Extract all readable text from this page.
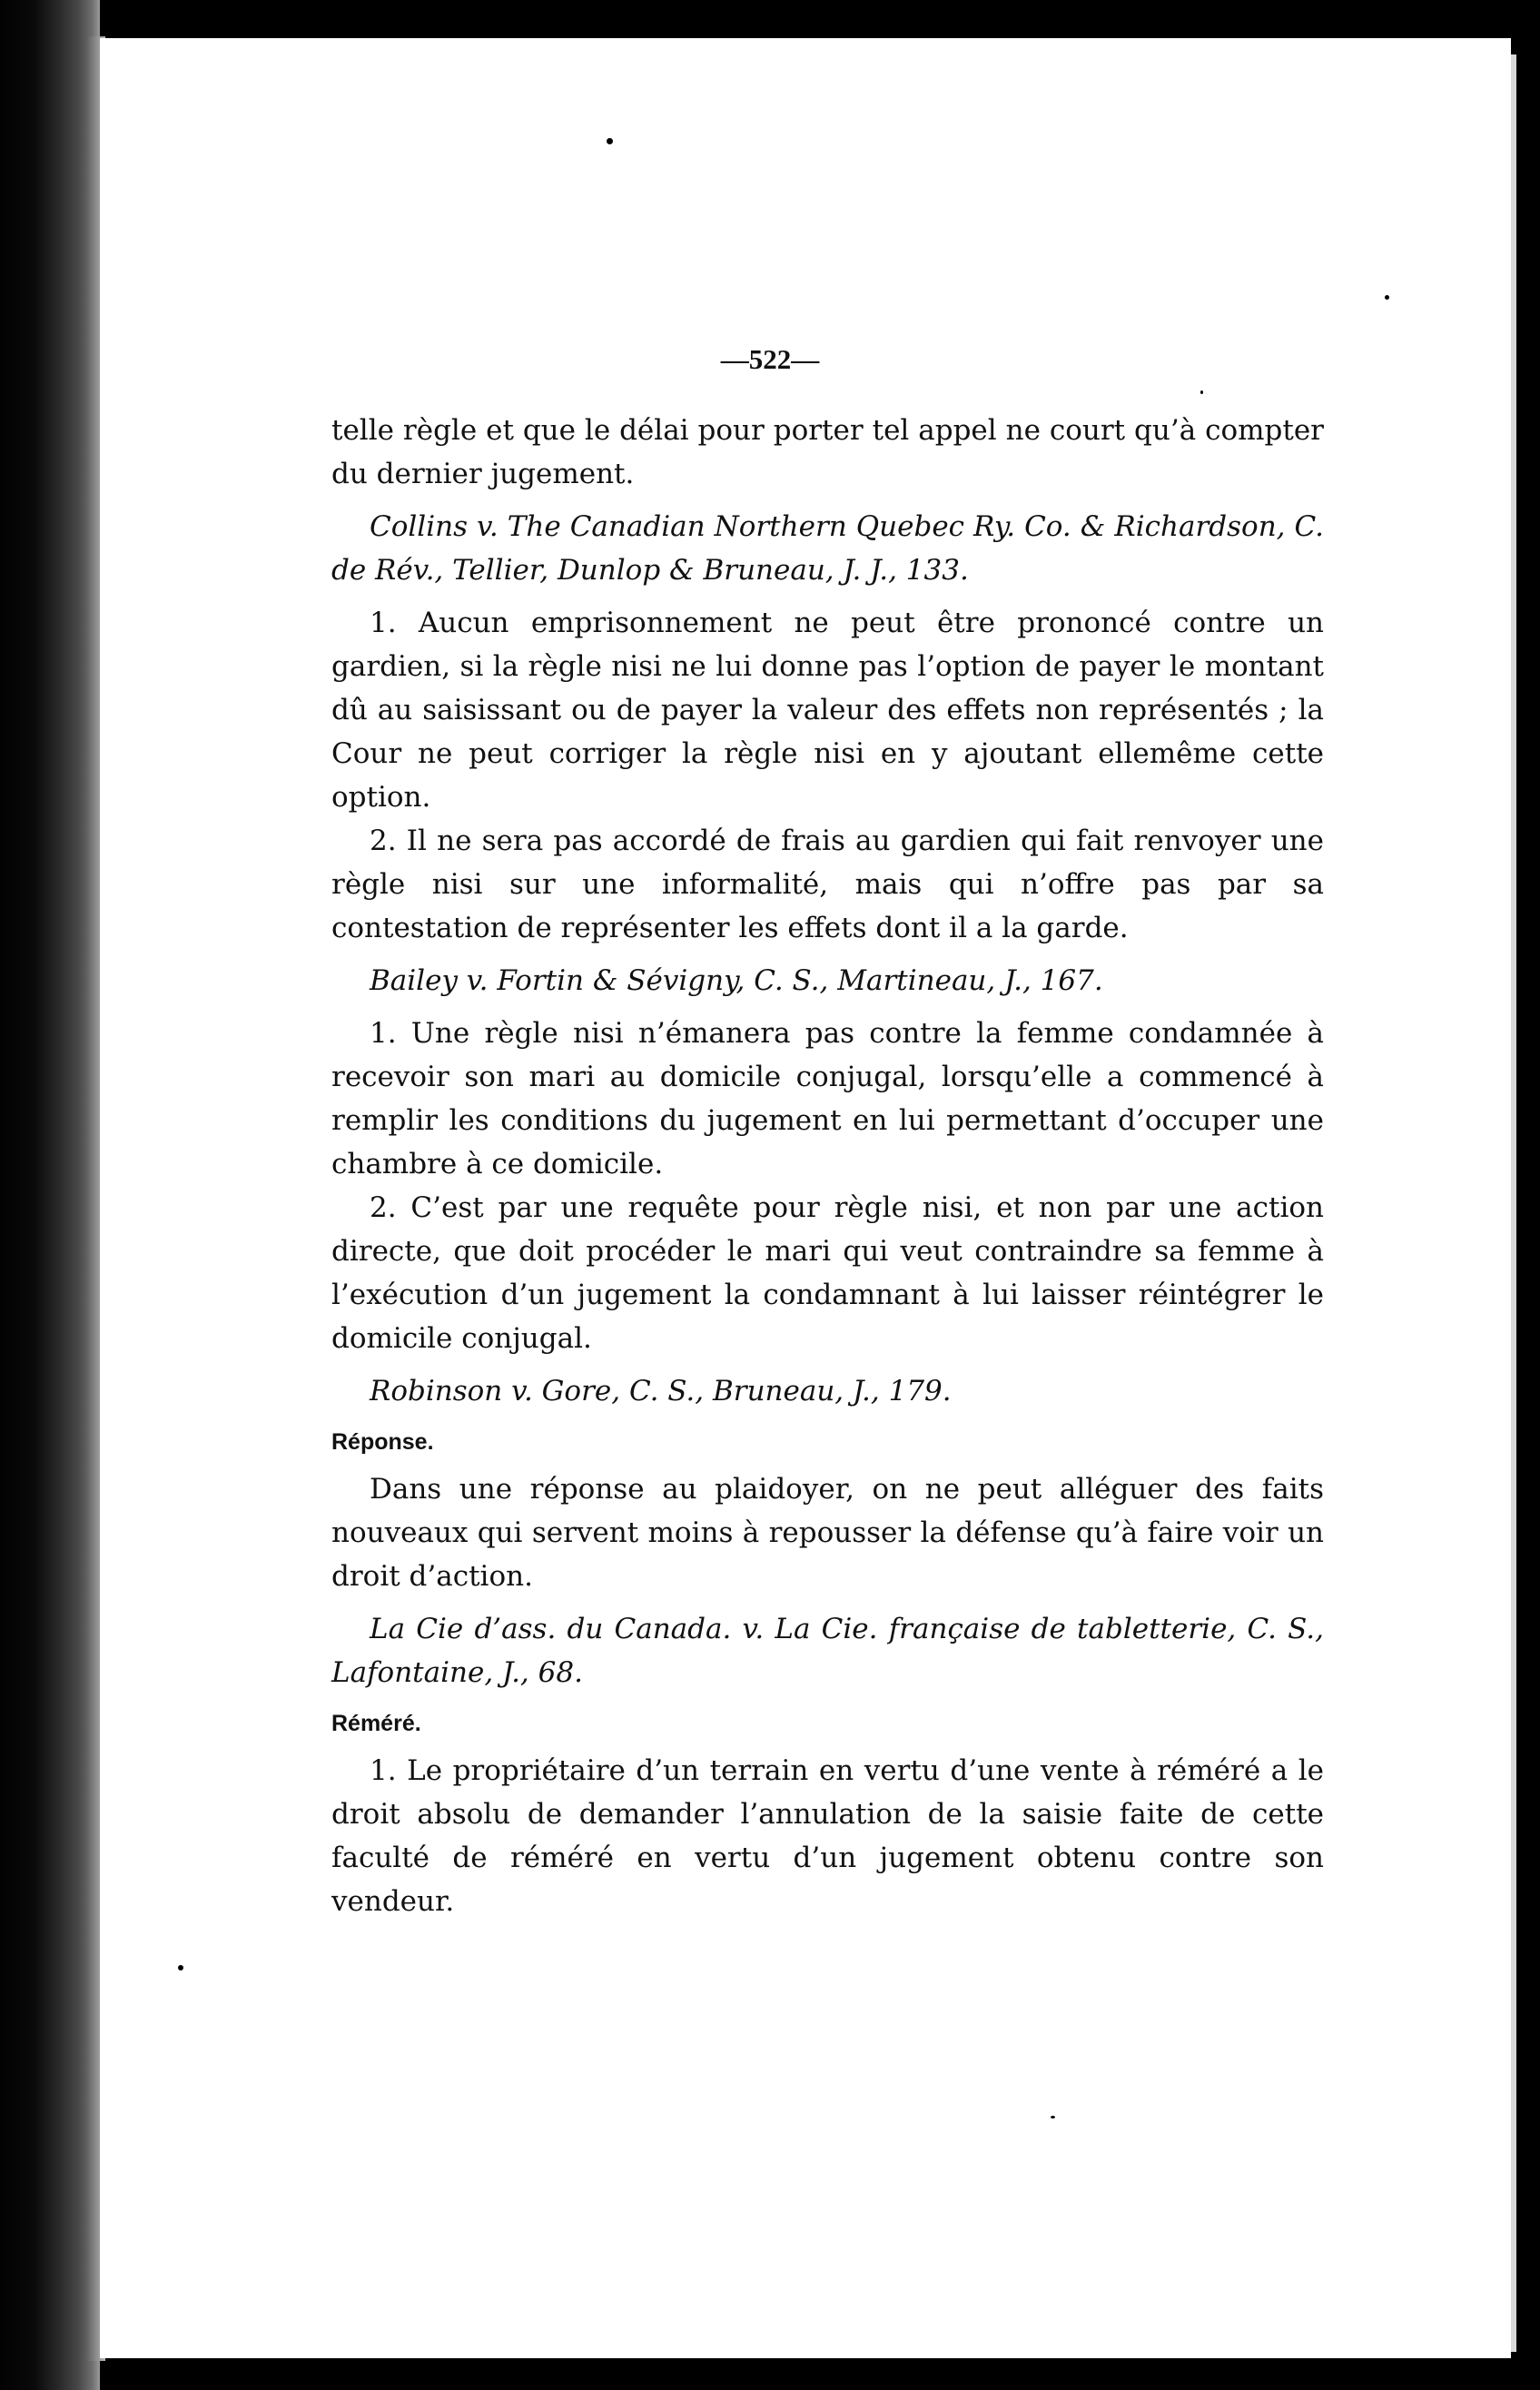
—522—

telle règle et que le délai pour porter tel appel ne court qu’à compter du dernier jugement.

Collins v. The Canadian Northern Quebec Ry. Co. & Richardson, C. de Rév., Tellier, Dunlop & Bruneau, J. J., 133.

1. Aucun emprisonnement ne peut être prononcé contre un gardien, si la règle nisi ne lui donne pas l’option de payer le montant dû au saisissant ou de payer la valeur des effets non représentés ; la Cour ne peut corriger la règle nisi en y ajoutant ellemême cette option.

2. Il ne sera pas accordé de frais au gardien qui fait renvoyer une règle nisi sur une informalité, mais qui n’offre pas par sa contestation de représenter les effets dont il a la garde.

Bailey v. Fortin & Sévigny, C. S., Martineau, J., 167.

1. Une règle nisi n’émanera pas contre la femme condamnée à recevoir son mari au domicile conjugal, lorsqu’elle a commencé à remplir les conditions du jugement en lui permettant d’occuper une chambre à ce domicile.

2. C’est par une requête pour règle nisi, et non par une action directe, que doit procéder le mari qui veut contraindre sa femme à l’exécution d’un jugement la condamnant à lui laisser réintégrer le domicile conjugal.

Robinson v. Gore, C. S., Bruneau, J., 179.

Réponse.

Dans une réponse au plaidoyer, on ne peut alléguer des faits nouveaux qui servent moins à repousser la défense qu’à faire voir un droit d’action.

La Cie d’ass. du Canada. v. La Cie. française de tabletterie, C. S., Lafontaine, J., 68.

Réméré.

1. Le propriétaire d’un terrain en vertu d’une vente à réméré a le droit absolu de demander l’annulation de la saisie faite de cette faculté de réméré en vertu d’un jugement obtenu contre son vendeur.
